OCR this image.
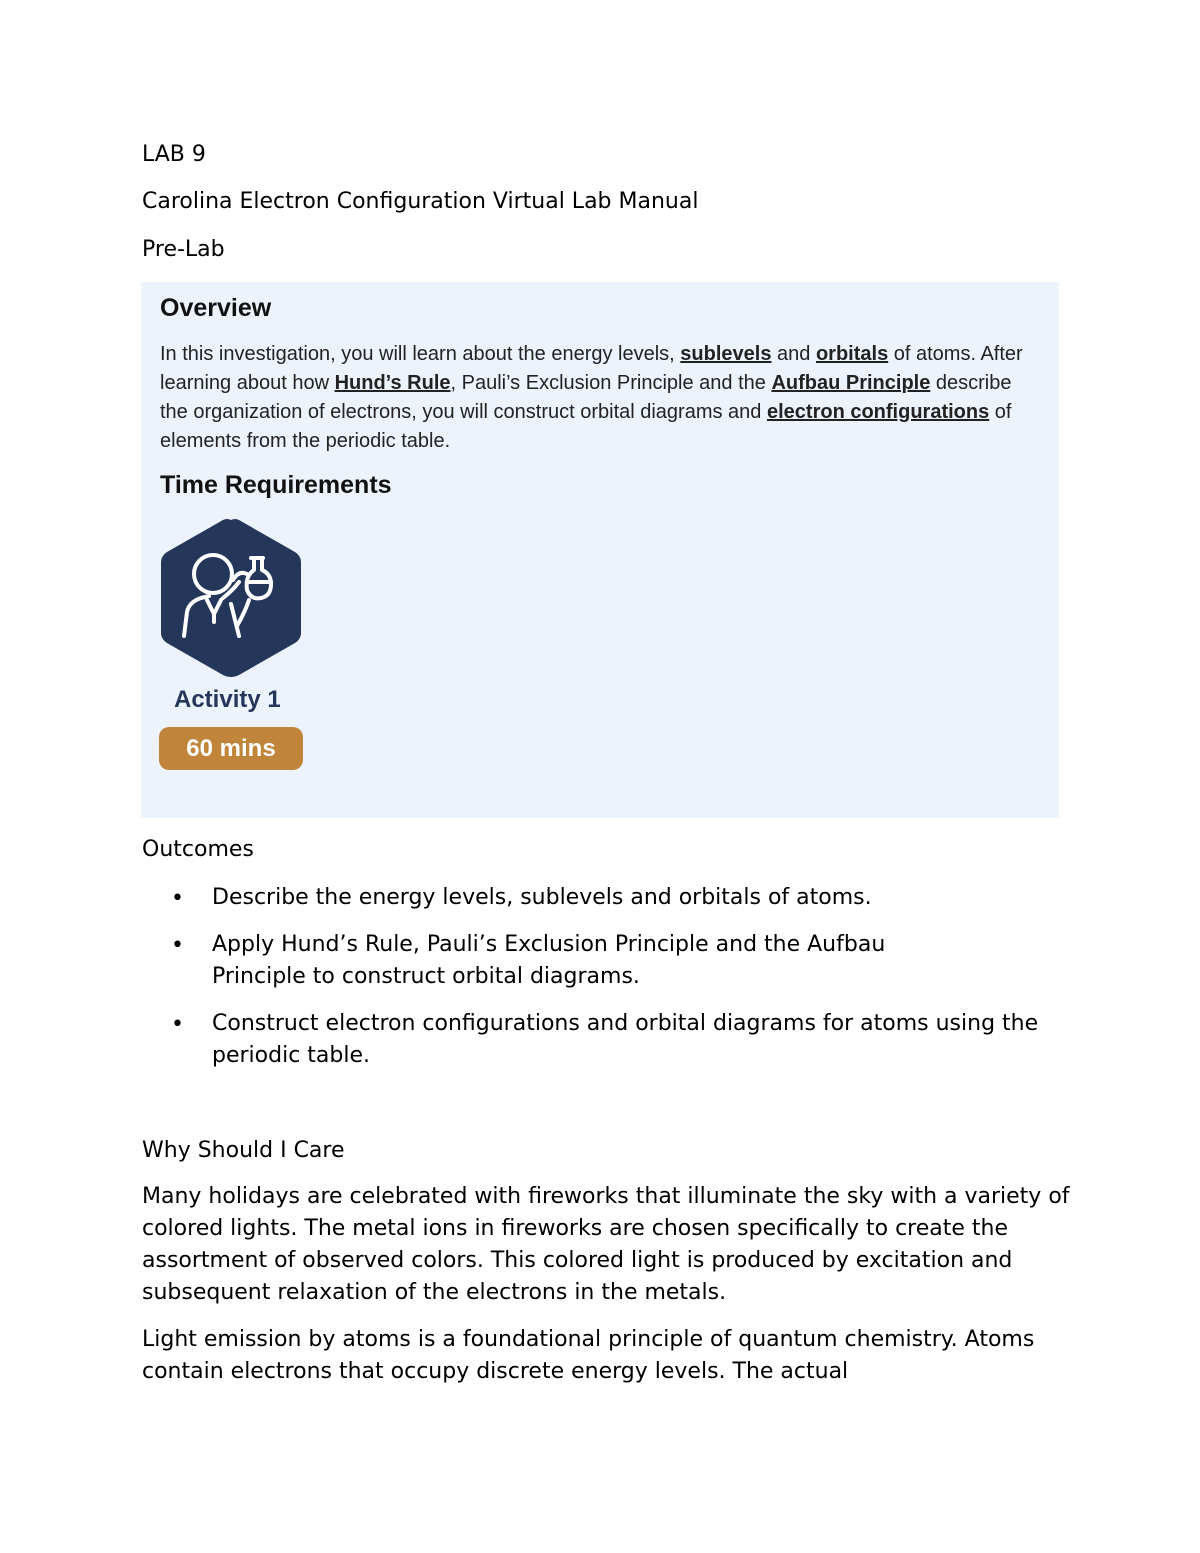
LAB 9
Carolina Electron Configuration Virtual Lab Manual
Pre-Lab
Overview
In this investigation, you will learn about the energy levels, sublevels and orbitals of atoms. After learning about how Hund’s Rule, Pauli’s Exclusion Principle and the Aufbau Principle describe the organization of electrons, you will construct orbital diagrams and electron configurations of elements from the periodic table.
Time Requirements
Activity 1
60 mins
Outcomes
• Describe the energy levels, sublevels and orbitals of atoms.
• Apply Hund’s Rule, Pauli’s Exclusion Principle and the Aufbau Principle to construct orbital diagrams.
• Construct electron configurations and orbital diagrams for atoms using the periodic table.
Why Should I Care
Many holidays are celebrated with fireworks that illuminate the sky with a variety of colored lights. The metal ions in fireworks are chosen specifically to create the assortment of observed colors. This colored light is produced by excitation and subsequent relaxation of the electrons in the metals.
Light emission by atoms is a foundational principle of quantum chemistry. Atoms contain electrons that occupy discrete energy levels. The actual
